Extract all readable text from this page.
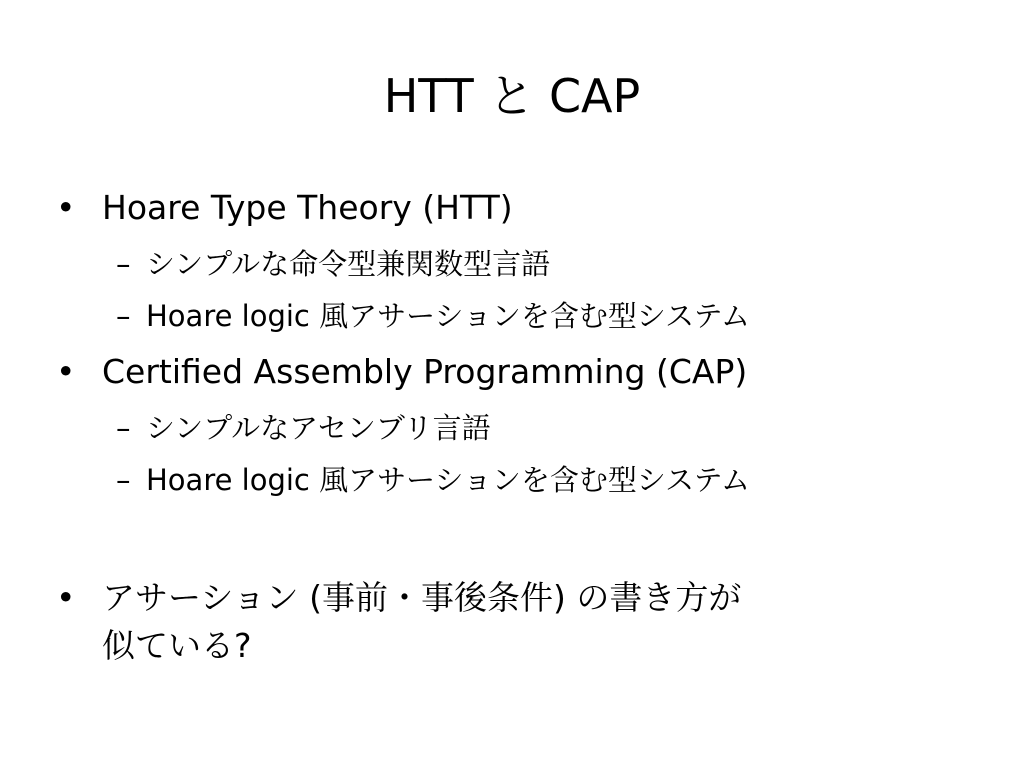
HTT と CAP
• Hoare Type Theory (HTT)
– シンプルな命令型兼関数型言語
– Hoare logic 風アサーションを含む型システム
• Certified Assembly Programming (CAP)
– シンプルなアセンブリ言語
– Hoare logic 風アサーションを含む型システム
• アサーション (事前・事後条件) の書き方が
似ている?
